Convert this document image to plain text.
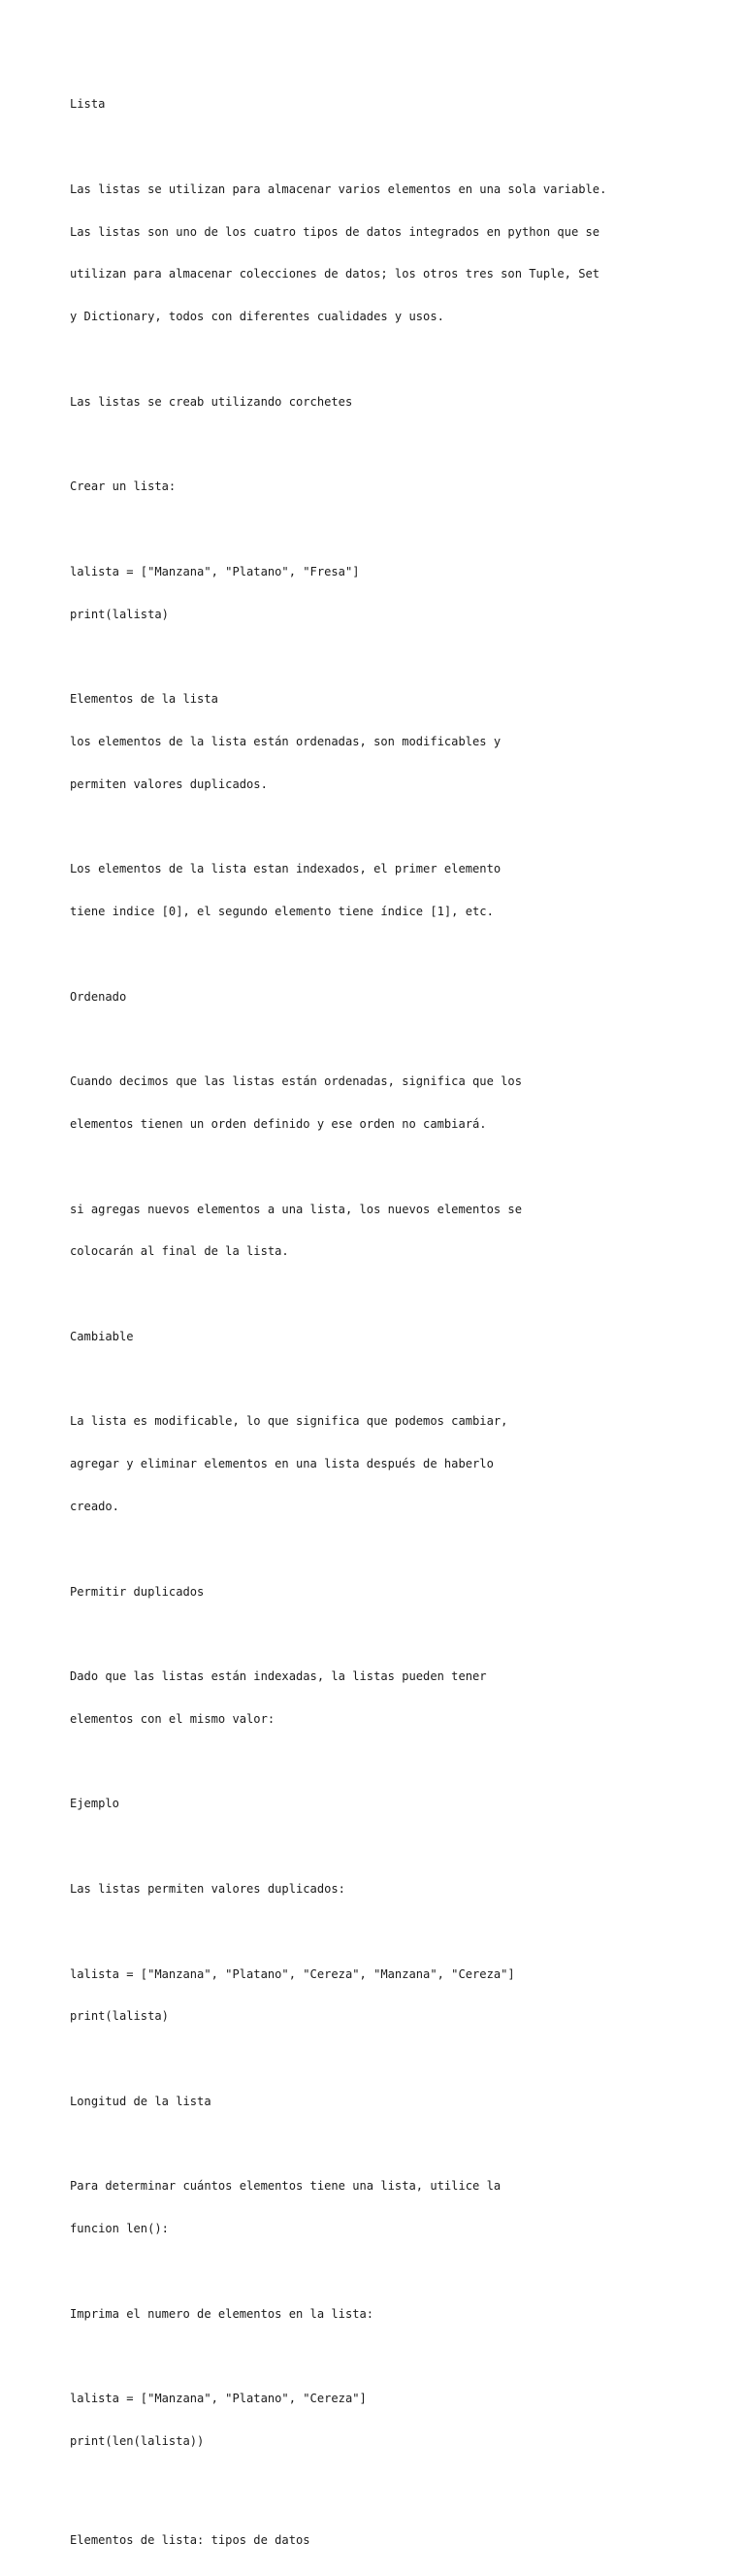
Lista

Las listas se utilizan para almacenar varios elementos en una sola variable.

Las listas son uno de los cuatro tipos de datos integrados en python que se

utilizan para almacenar colecciones de datos; los otros tres son Tuple, Set

y Dictionary, todos con diferentes cualidades y usos.

Las listas se creab utilizando corchetes

Crear un lista:

lalista = ["Manzana", "Platano", "Fresa"]

print(lalista)

Elementos de la lista

los elementos de la lista están ordenadas, son modificables y

permiten valores duplicados.

Los elementos de la lista estan indexados, el primer elemento

tiene indice [0], el segundo elemento tiene índice [1], etc.

Ordenado

Cuando decimos que las listas están ordenadas, significa que los

elementos tienen un orden definido y ese orden no cambiará.

si agregas nuevos elementos a una lista, los nuevos elementos se

colocarán al final de la lista.

Cambiable

La lista es modificable, lo que significa que podemos cambiar,

agregar y eliminar elementos en una lista después de haberlo

creado.

Permitir duplicados

Dado que las listas están indexadas, la listas pueden tener

elementos con el mismo valor:

Ejemplo

Las listas permiten valores duplicados:

lalista = ["Manzana", "Platano", "Cereza", "Manzana", "Cereza"]

print(lalista)

Longitud de la lista

Para determinar cuántos elementos tiene una lista, utilice la

funcion len():

Imprima el numero de elementos en la lista:

lalista = ["Manzana", "Platano", "Cereza"]

print(len(lalista))

Elementos de lista: tipos de datos
